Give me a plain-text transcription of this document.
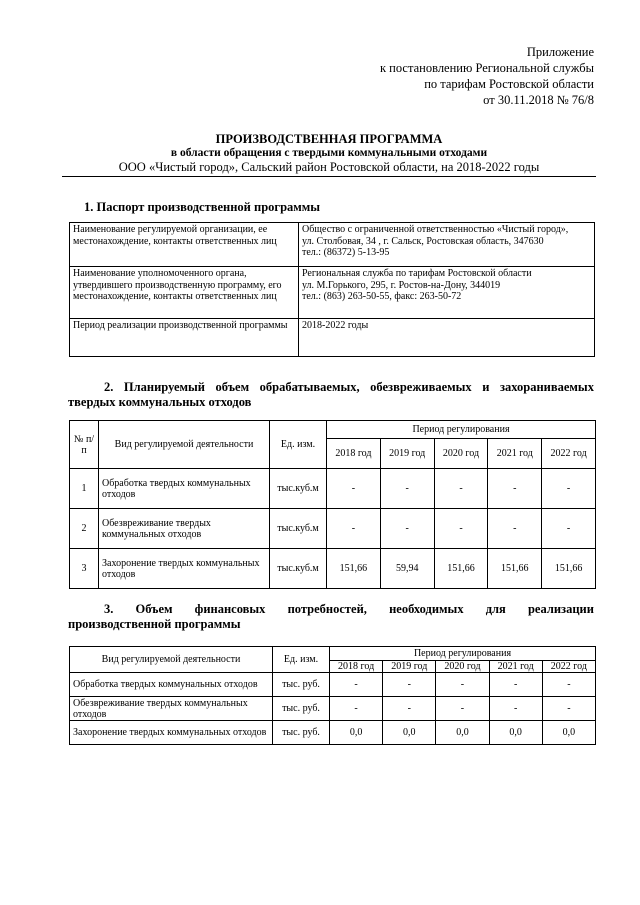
Приложение
к постановлению Региональной службы
по тарифам Ростовской области
от 30.11.2018 № 76/8
ПРОИЗВОДСТВЕННАЯ ПРОГРАММА
в области обращения с твердыми коммунальными отходами
ООО «Чистый город», Сальский район Ростовской области, на 2018-2022 годы
1. Паспорт производственной программы
Наименование регулируемой организации, ее местонахождение, контакты ответственных лиц	Общество с ограниченной ответственностью «Чистый город»,
ул. Столбовая, 34 , г. Сальск, Ростовская область, 347630
тел.: (86372) 5-13-95

Наименование уполномоченного органа, утвердившего производственную программу, его местонахождение, контакты ответственных лиц	Региональная служба по тарифам Ростовской области
ул. М.Горького, 295, г. Ростов-на-Дону, 344019
тел.: (863) 263-50-55, факс: 263-50-72

Период реализации производственной программы	2018-2022 годы
2. Планируемый объем обрабатываемых, обезвреживаемых и захораниваемых
твердых коммунальных отходов
№ п/п	Вид регулируемой деятельности	Ед. изм.	Период регулирования				
			2018 год	2019 год	2020 год	2021 год	2022 год
1	Обработка твердых коммунальных отходов	тыс.куб.м	-	-	-	-	-
2	Обезвреживание твердых коммунальных отходов	тыс.куб.м	-	-	-	-	-
3	Захоронение твердых коммунальных отходов	тыс.куб.м	151,66	59,94	151,66	151,66	151,66
3. Объем финансовых потребностей, необходимых для реализации
производственной программы
Вид регулируемой деятельности	Ед. изм.	Период регулирования				
		2018 год	2019 год	2020 год	2021 год	2022 год
Обработка твердых коммунальных отходов	тыс. руб.	-	-	-	-	-
Обезвреживание твердых коммунальных отходов	тыс. руб.	-	-	-	-	-
Захоронение твердых коммунальных отходов	тыс. руб.	0,0	0,0	0,0	0,0	0,0
